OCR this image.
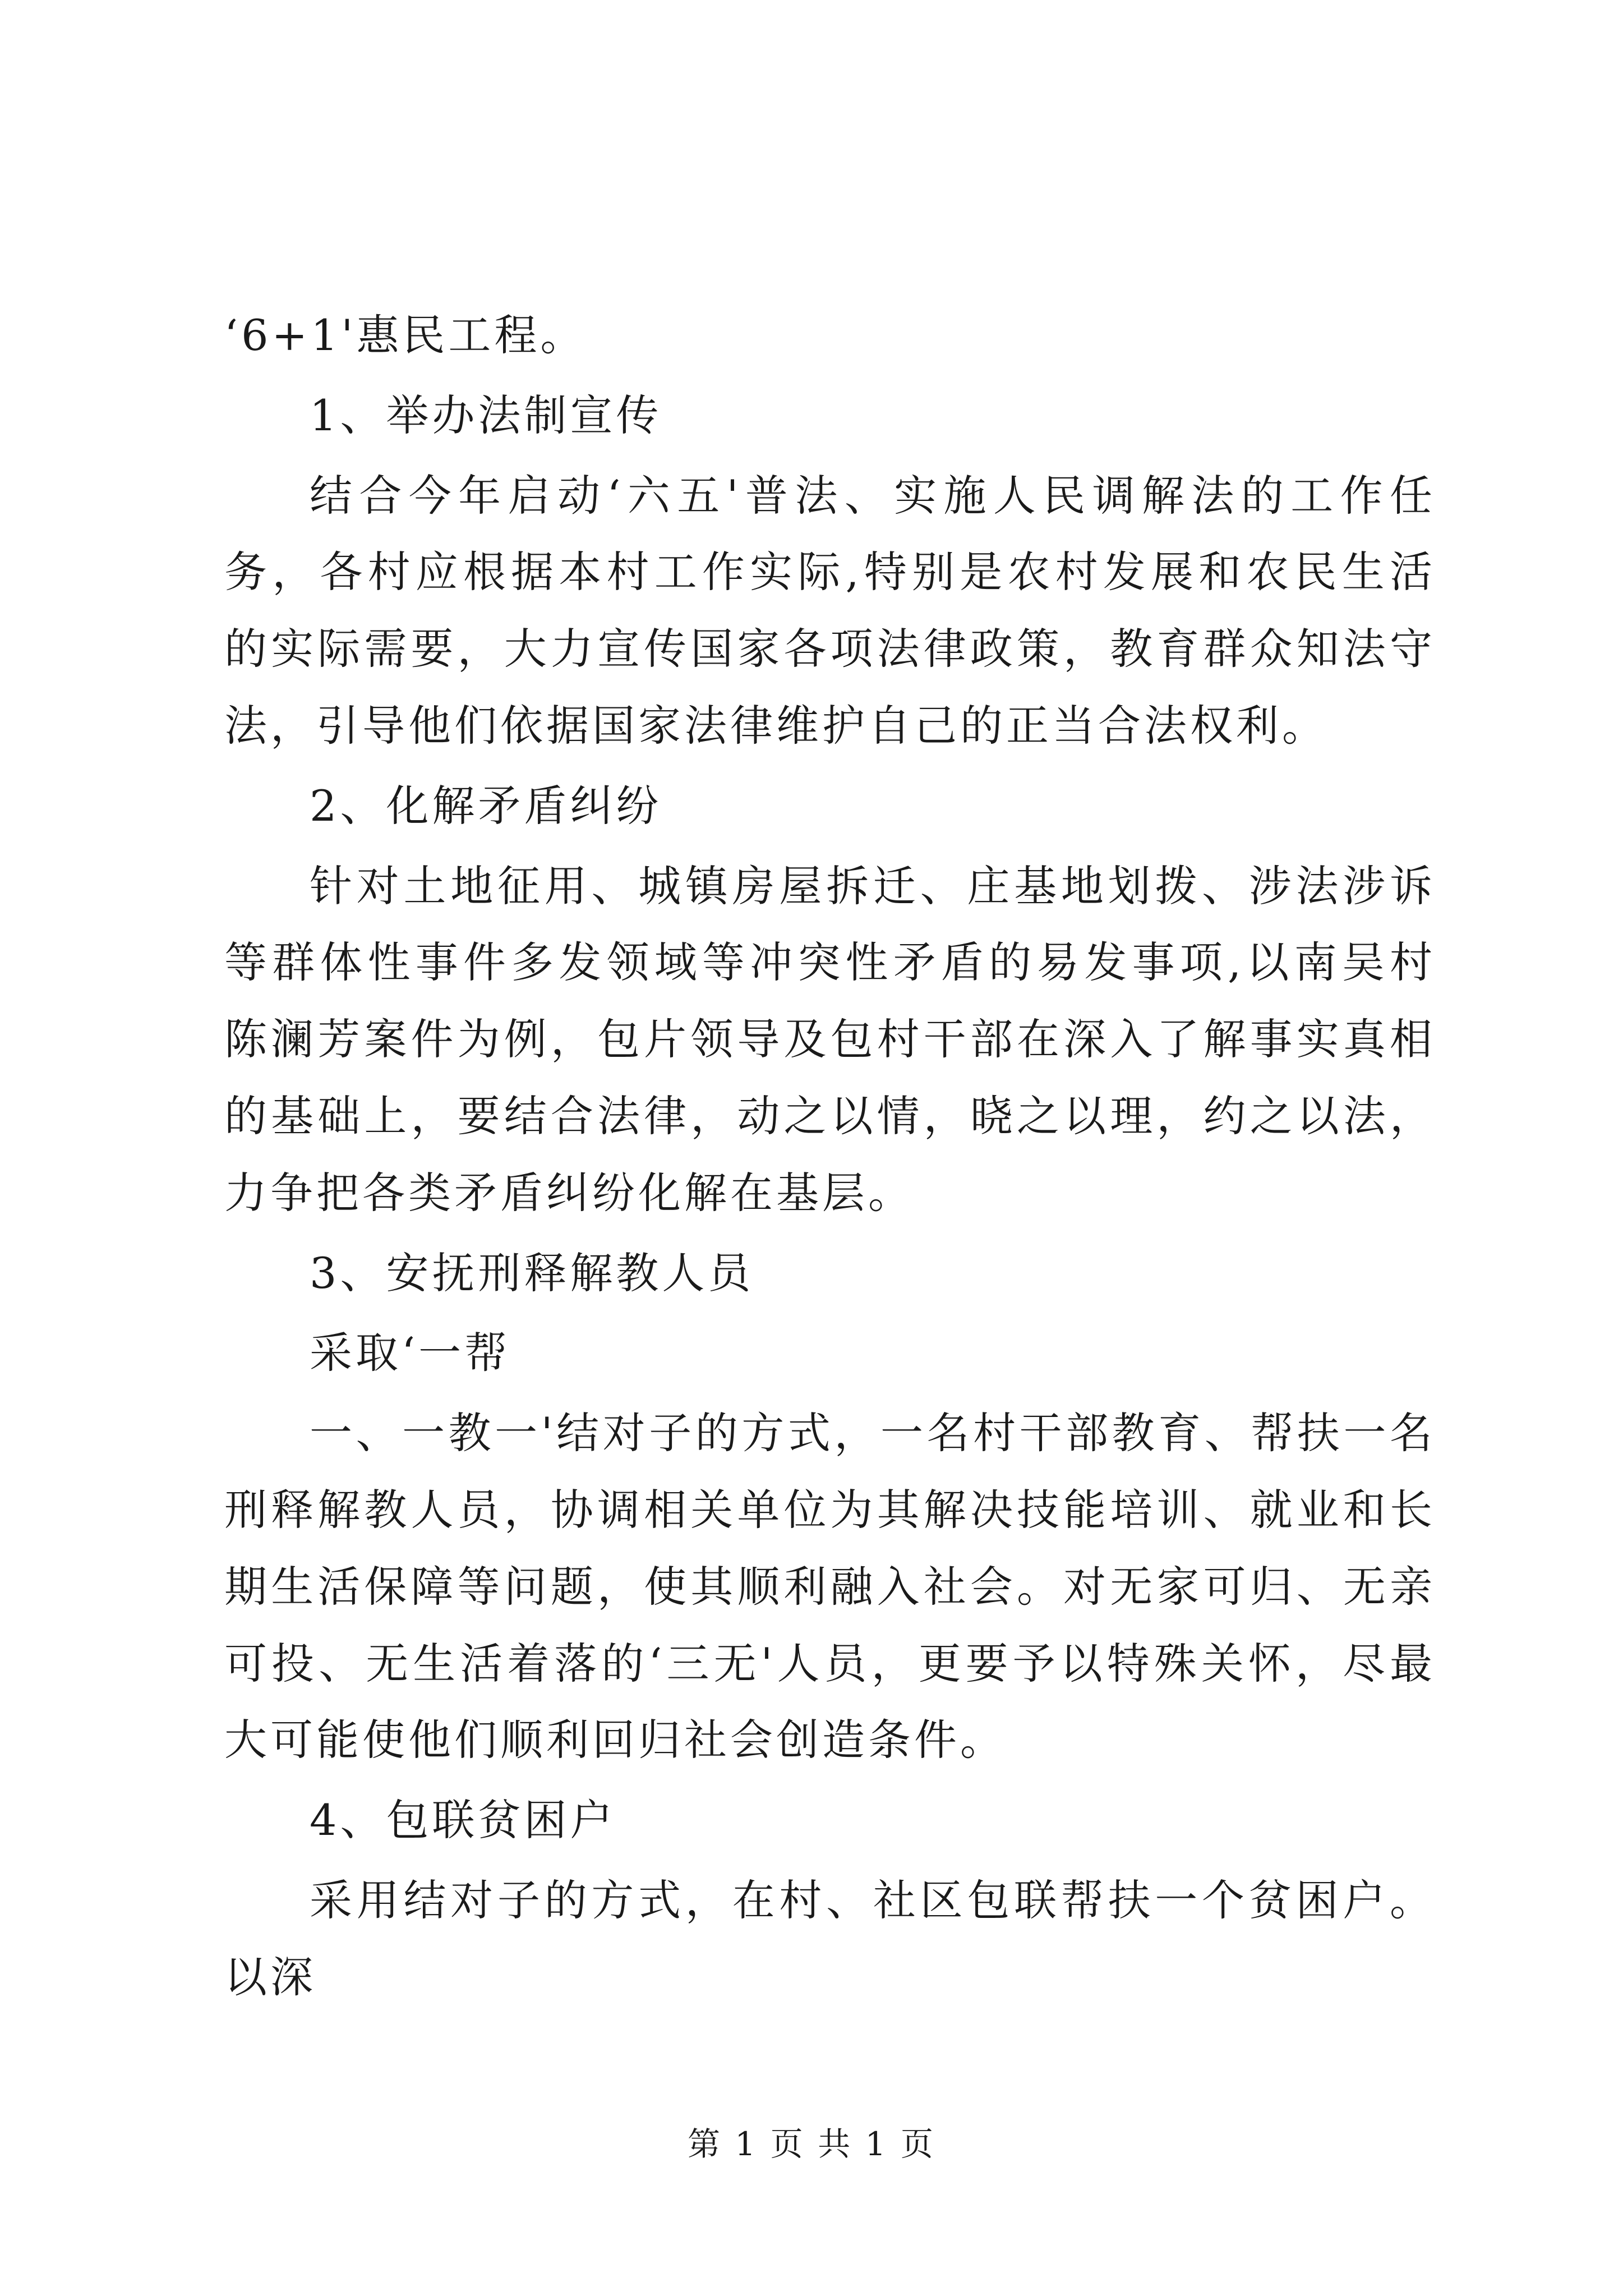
‘6+1'惠民工程。

1、举办法制宣传

结合今年启动‘六五'普法、实施人民调解法的工作任务，各村应根据本村工作实际,特别是农村发展和农民生活的实际需要，大力宣传国家各项法律政策，教育群众知法守法，引导他们依据国家法律维护自己的正当合法权利。

2、化解矛盾纠纷

针对土地征用、城镇房屋拆迁、庄基地划拨、涉法涉诉等群体性事件多发领域等冲突性矛盾的易发事项,以南吴村陈澜芳案件为例，包片领导及包村干部在深入了解事实真相的基础上，要结合法律，动之以情，晓之以理，约之以法，力争把各类矛盾纠纷化解在基层。

3、安抚刑释解教人员

采取‘一帮

一、一教一'结对子的方式，一名村干部教育、帮扶一名刑释解教人员，协调相关单位为其解决技能培训、就业和长期生活保障等问题，使其顺利融入社会。对无家可归、无亲可投、无生活着落的‘三无'人员，更要予以特殊关怀，尽最大可能使他们顺利回归社会创造条件。

4、包联贫困户

采用结对子的方式，在村、社区包联帮扶一个贫困户。以深

第 1 页 共 1 页
